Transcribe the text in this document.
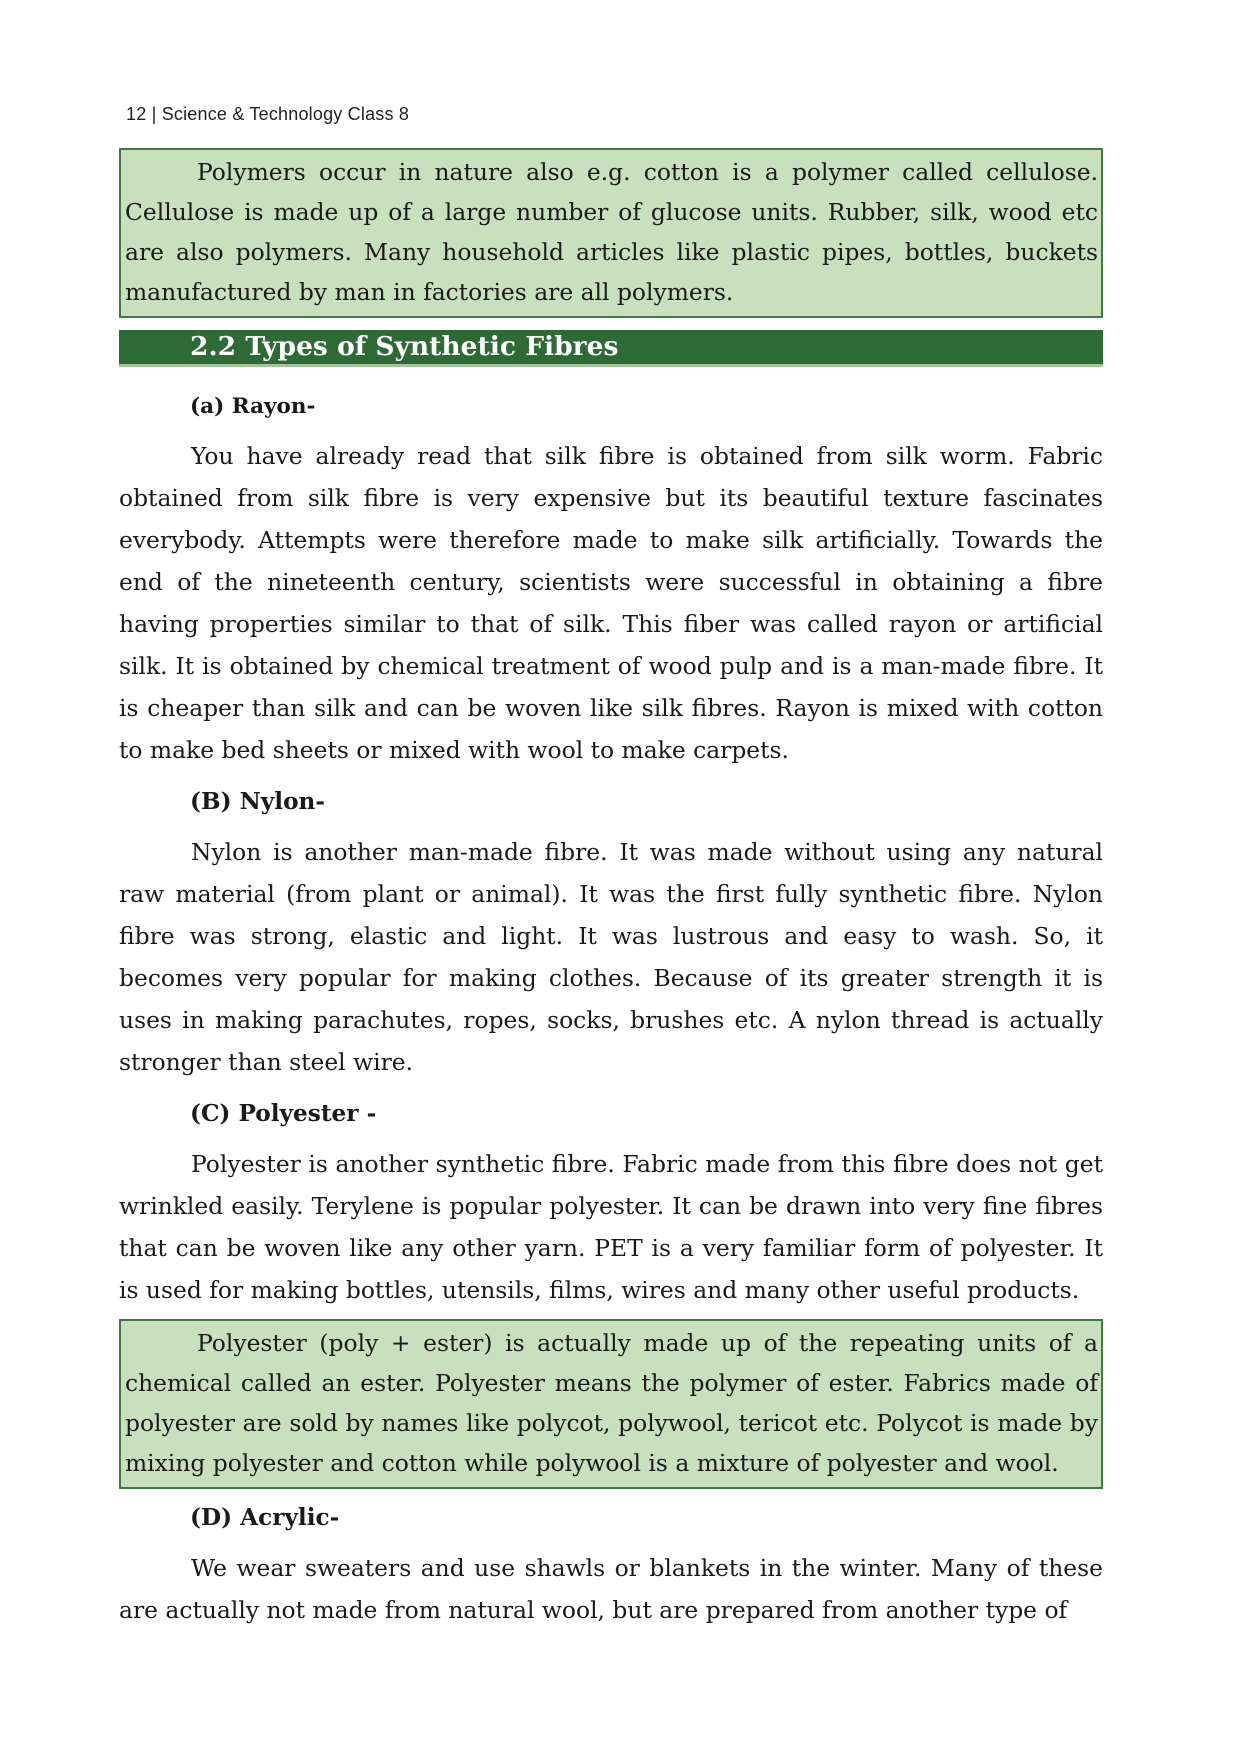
12 | Science & Technology Class 8

Polymers occur in nature also e.g. cotton is a polymer called cellulose. Cellulose is made up of a large number of glucose units. Rubber, silk, wood etc are also polymers. Many household articles like plastic pipes, bottles, buckets manufactured by man in factories are all polymers.

2.2 Types of Synthetic Fibres
(a) Rayon-

You have already read that silk fibre is obtained from silk worm. Fabric obtained from silk fibre is very expensive but its beautiful texture fascinates everybody. Attempts were therefore made to make silk artificially. Towards the end of the nineteenth century, scientists were successful in obtaining a fibre having properties similar to that of silk. This fiber was called rayon or artificial silk. It is obtained by chemical treatment of wood pulp and is a man-made fibre. It is cheaper than silk and can be woven like silk fibres. Rayon is mixed with cotton to make bed sheets or mixed with wool to make carpets.

(B) Nylon-

Nylon is another man-made fibre. It was made without using any natural raw material (from plant or animal). It was the first fully synthetic fibre. Nylon fibre was strong, elastic and light. It was lustrous and easy to wash. So, it becomes very popular for making clothes. Because of its greater strength it is uses in making parachutes, ropes, socks, brushes etc. A nylon thread is actually stronger than steel wire.

(C) Polyester -

Polyester is another synthetic fibre. Fabric made from this fibre does not get wrinkled easily. Terylene is popular polyester. It can be drawn into very fine fibres that can be woven like any other yarn. PET is a very familiar form of polyester. It is used for making bottles, utensils, films, wires and many other useful products.

Polyester (poly + ester) is actually made up of the repeating units of a chemical called an ester. Polyester means the polymer of ester. Fabrics made of polyester are sold by names like polycot, polywool, tericot etc. Polycot is made by mixing polyester and cotton while polywool is a mixture of polyester and wool.

(D) Acrylic-

We wear sweaters and use shawls or blankets in the winter. Many of these are actually not made from natural wool, but are prepared from another type of
